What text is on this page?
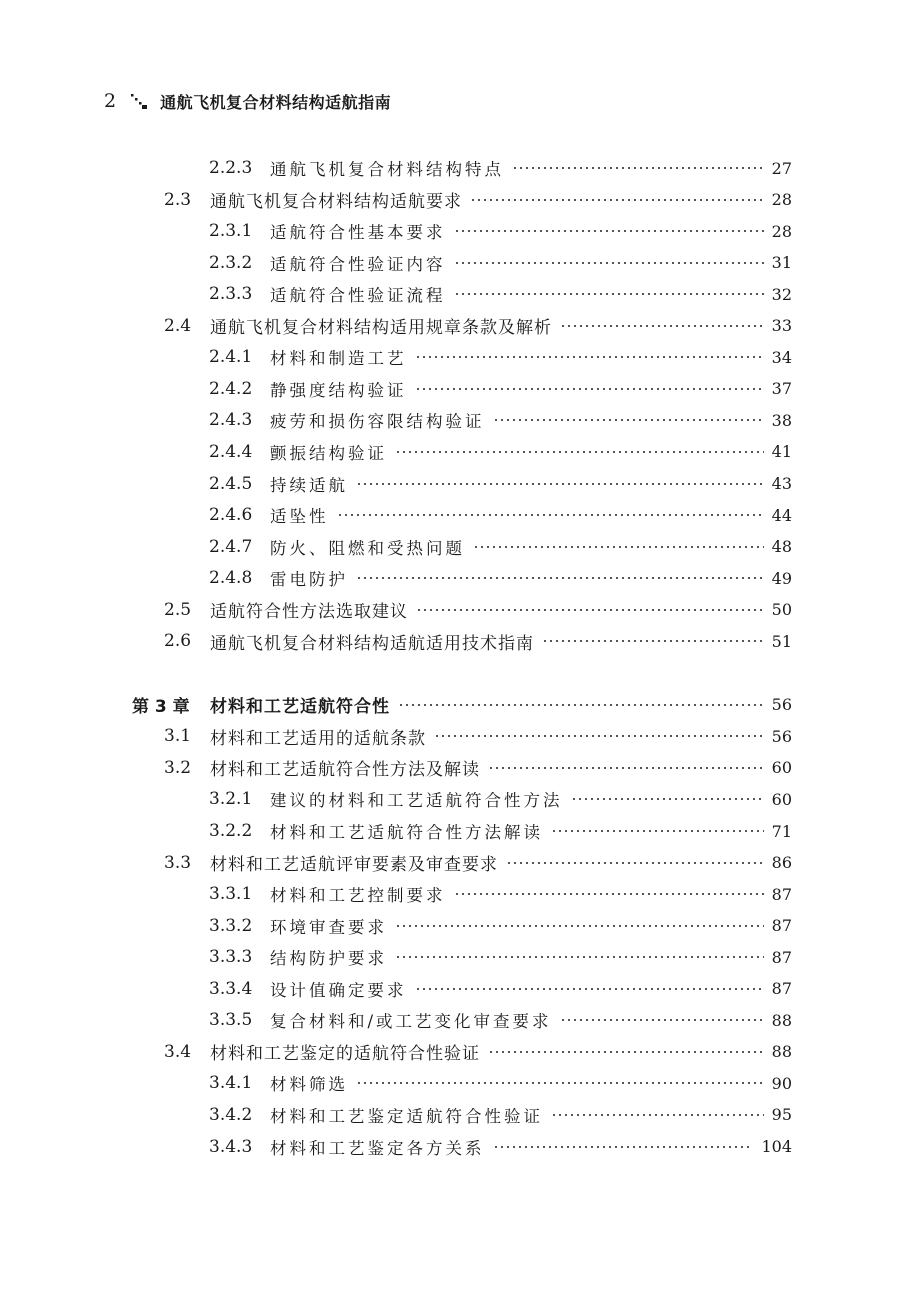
2	通航飞机复合材料结构适航指南
2.2.3	通航飞机复合材料结构特点	27
2.3	通航飞机复合材料结构适航要求	28
2.3.1	适航符合性基本要求	28
2.3.2	适航符合性验证内容	31
2.3.3	适航符合性验证流程	32
2.4	通航飞机复合材料结构适用规章条款及解析	33
2.4.1	材料和制造工艺	34
2.4.2	静强度结构验证	37
2.4.3	疲劳和损伤容限结构验证	38
2.4.4	颤振结构验证	41
2.4.5	持续适航	43
2.4.6	适坠性	44
2.4.7	防火、阻燃和受热问题	48
2.4.8	雷电防护	49
2.5	适航符合性方法选取建议	50
2.6	通航飞机复合材料结构适航适用技术指南	51
第 3 章	材料和工艺适航符合性	56
3.1	材料和工艺适用的适航条款	56
3.2	材料和工艺适航符合性方法及解读	60
3.2.1	建议的材料和工艺适航符合性方法	60
3.2.2	材料和工艺适航符合性方法解读	71
3.3	材料和工艺适航评审要素及审查要求	86
3.3.1	材料和工艺控制要求	87
3.3.2	环境审查要求	87
3.3.3	结构防护要求	87
3.3.4	设计值确定要求	87
3.3.5	复合材料和/或工艺变化审查要求	88
3.4	材料和工艺鉴定的适航符合性验证	88
3.4.1	材料筛选	90
3.4.2	材料和工艺鉴定适航符合性验证	95
3.4.3	材料和工艺鉴定各方关系	104
